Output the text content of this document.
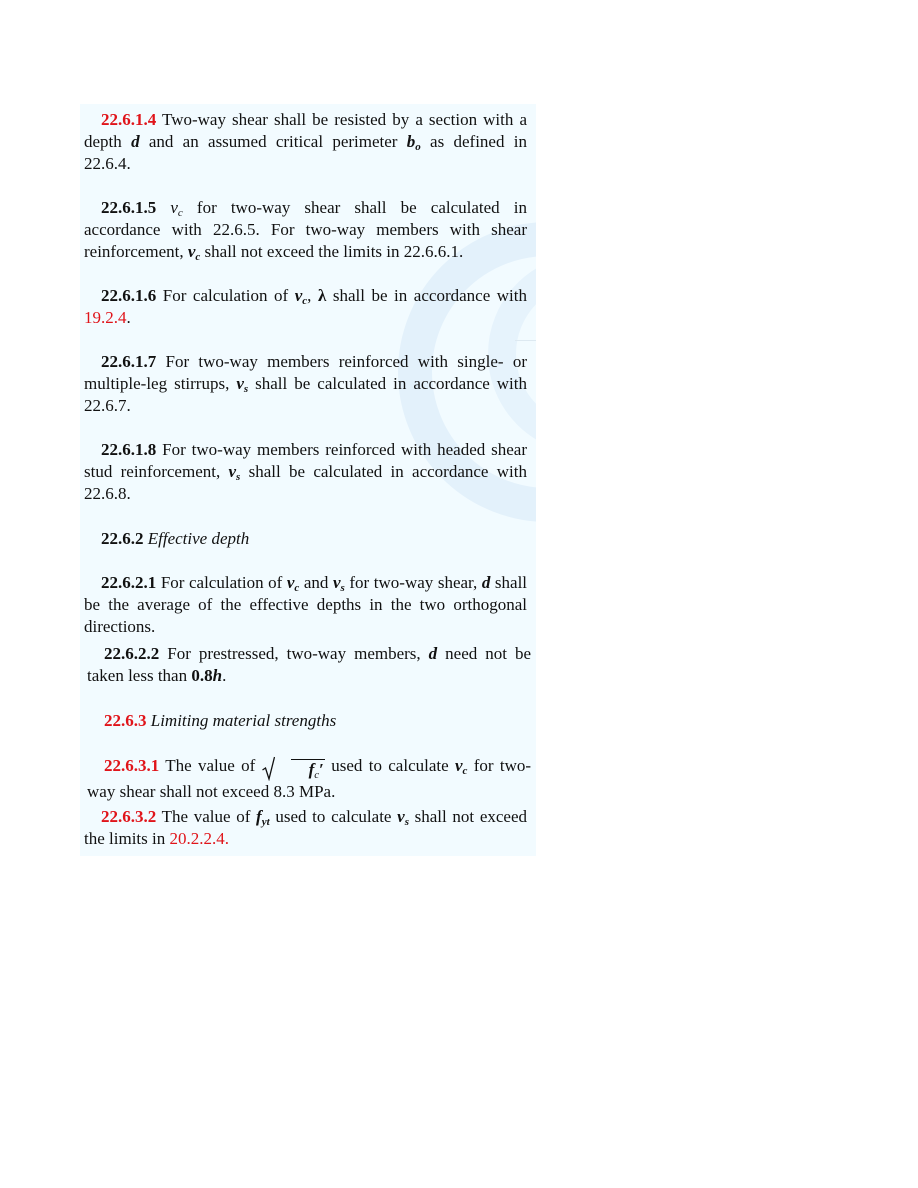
22.6.1.4 Two-way shear shall be resisted by a section with a depth d and an assumed critical perimeter $b_o$ as defined in 22.6.4.

22.6.1.5 $v_c$ for two-way shear shall be calculated in accordance with 22.6.5. For two-way members with shear reinforcement, $v_c$ shall not exceed the limits in 22.6.6.1.

22.6.1.6 For calculation of $v_c$, λ shall be in accordance with 19.2.4.

22.6.1.7 For two-way members reinforced with single- or multiple-leg stirrups, $v_s$ shall be calculated in accordance with 22.6.7.

22.6.1.8 For two-way members reinforced with headed shear stud reinforcement, $v_s$ shall be calculated in accordance with 22.6.8.

22.6.2 Effective depth

22.6.2.1 For calculation of $v_c$ and $v_s$ for two-way shear, d shall be the average of the effective depths in the two orthogonal directions.

22.6.2.2 For prestressed, two-way members, d need not be taken less than 0.8h.

22.6.3 Limiting material strengths

22.6.3.1 The value of	$f_c'$ used to calculate $v_c$ for two-way shear shall not exceed 8.3 MPa.

22.6.3.2 The value of $f_{yt}$ used to calculate $v_s$ shall not exceed the limits in 20.2.2.4.
